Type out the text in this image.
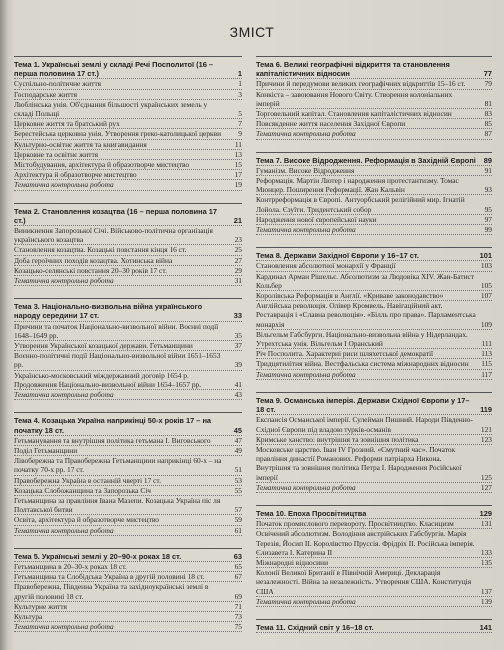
ЗМІСТ
Тема 1. Українські землі у складі Речі Посполитої (16 – перша половина 17 ст.)	1
Суспільно-політичне життя	1
Господарське життя	3
Люблінська унія. Об'єднання більшості українських земель у складі Польщі	5
Церковне життя та братський рух	7
Берестейська церковна унія. Утворення греко-католицької церкви	9
Культурно-освітнє життя та книгавидання	11
Церковне та освітнє життя	13
Містобудування, архітектура й образотворче мистецтво	15
Архітектура й образотворче мистецтво	17
Тематична контрольна робота	19
Тема 2. Становлення козацтва (16 – перша половина 17 ст.)	21
Виникнення Запорозької Січі. Військово-політична організація українського козацтва	23
Становлення козацтва. Козацькі повстання кінця 16 ст.	25
Доба героїчних походів козацтва. Хотинська війна	27
Козацько-селянські повстання 20–30 років 17 ст.	29
Тематична контрольна робота	31
Тема 3. Національно-визвольна війна українського народу середини 17 ст.	33
Причини та початок Національно-визвольної війни. Воєнні події 1648–1649 рр.	35
Утворення Української козацької держави. Гетьманщини	37
Воєнно-політичні події Національно-визвольної війни 1651–1653 рр.	39
Українсько-московський міждержавний договір 1654 р. Продовження Національно-визвольної війни 1654–1657 рр.	41
Тематична контрольна робота	43
Тема 4. Козацька Україна наприкінці 50-х років 17 – на початку 18 ст.	45
Гетьманування та внутрішня політика гетьмана І. Виговського	47
Поділ Гетьманщини	49
Лівобережна та Правобережна Гетьманщини наприкінці 60-х – на початку 70-х рр. 17 ст.	51
Правобережна Україна в останній чверті 17 ст.	53
Козацька Слобожанщина та Запорозька Січ	55
Гетьманщина за правління Івана Мазепи. Козацька Україна піс ля Полтавської битви	57
Освіта, архітектура й образотворче мистецтво	59
Тематична контрольна робота	61
Тема 5. Українські землі у 20–90-х роках 18 ст.	63
Гетьманщина в 20–30-х роках 18 ст.	65
Гетьманщина та Слобідська Україна в другій половині 18 ст.	67
Правобережна, Південна Україна та західноукраїнські землі в другій половині 18 ст.	69
Культурне життя	71
Культура	73
Тематична контрольна робота	75
Тема 6. Великі географічні відкриття та становлення капіталістичних відносин	77
Причини й передумови великих географічних відкриттів 15–16 ст.	79
Конкіста – завоювання Нового Світу. Створення колоніальних імперій	81
Торговельний капітал. Становлення капіталістичних відносин	83
Повсякденне життя населення Західної Європи	85
Тематична контрольна робота	87
Тема 7. Високе Відродження. Реформація в Західній Європі	89
Гуманізм. Високе Відродження	91
Реформація. Мартін Лютер і народження протестантизму. Томас Мюнцер. Поширення Реформації. Жан Кальвін	93
Контрреформація в Європі. Антуорбський релігійний мир. Ігнатій Лойола. Єзуїти. Тридентський собор	95
Народження нової європейської науки	97
Тематична контрольна робота	99
Тема 8. Держави Західної Європи у 16–17 ст.	101
Становлення абсолютної монархії у Франції	103
Кардинал Арман Рішельє. Абсолютизм за Людовіка XIV. Жан-Батист Кольбер	105
Королівська Реформація в Англії. «Кривавe законодавство»	107
Англійська революція. Олівер Кромвель. Навігаційний акт. Реставрація і «Славна революція». «Білль про права». Парламентська монархія	109
Вільгельм Габсбурги. Національно-визвольна війна у Нідерландах. Утрехтська унія. Вільгельм І Оранський	111
Річ Посполита. Характерні риси шляхетської демократії	113
Тридцятилітня війна. Вестфальська система міжнародних відносин	115
Тематична контрольна робота	117
Тема 9. Османська імперія. Держави Східної Європи у 17–18 ст.	119
Експансія Османської імперії. Сулейман Пишний. Народи Південно-Східної Європи під владою турків-османів	121
Кримське ханство: внутрішня та зовнішня політика	123
Московське царство. Іван IV Грозний. «Смутний час». Початок правління династії Романових. Реформи патріарха Никона. Внутрішня та зовнішня політика Петра І. Народження Російської імперії	125
Тематична контрольна робота	127
Тема 10. Епоха Просвітництва	129
Початок промислового перевороту. Просвітництво. Класицизм	131
Освічений абсолютизм. Володіння австрійських Габсбургів. Марія Терезія, Йосип II. Королівство Пруссія. Фрідріх II. Російська імперія. Єлизавета I. Катерина II	133
Міжнародні відносини	135
Колонії Великої Британії в Північній Америці. Декларація незалежності. Війна за незалежність. Утворення США. Конституція США	137
Тематична контрольна робота	139
Тема 11. Східний світ у 16–18 ст.	141
